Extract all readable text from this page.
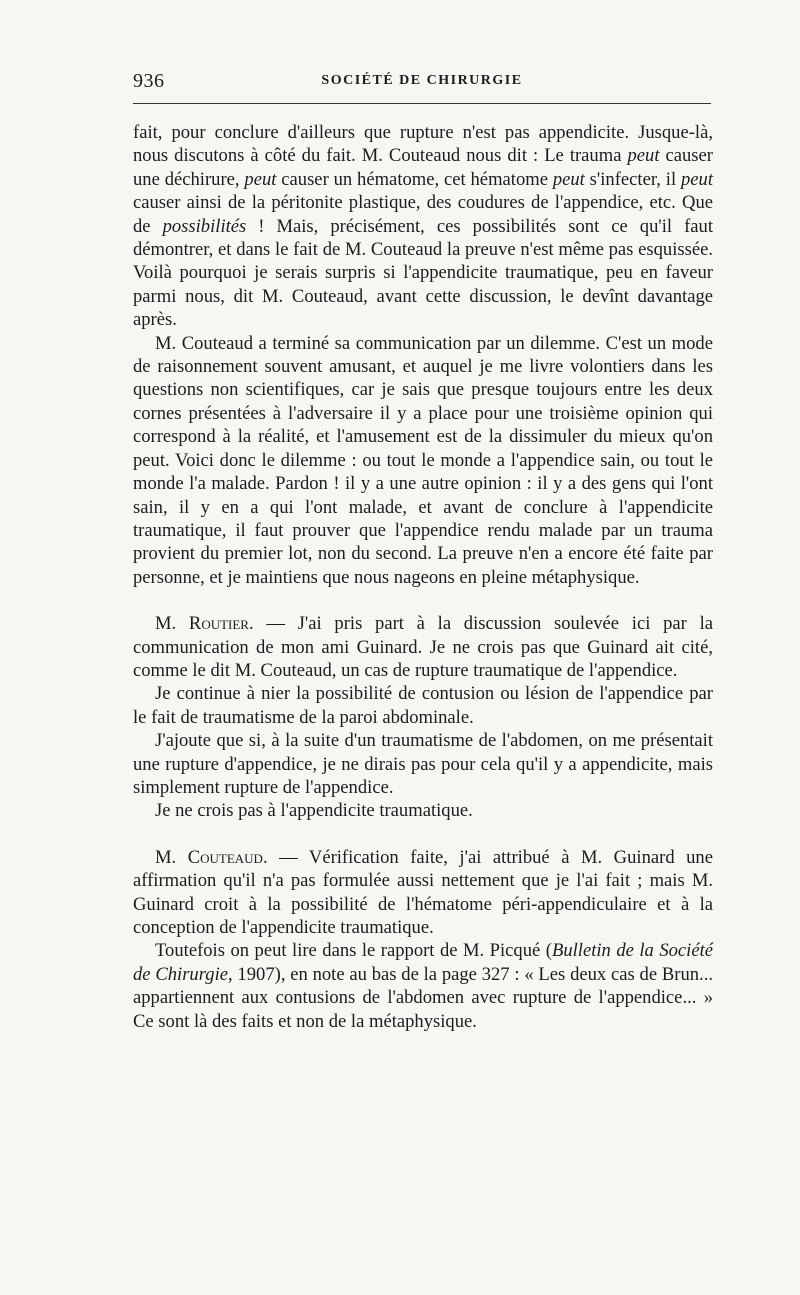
936	SOCIÉTÉ DE CHIRURGIE

fait, pour conclure d'ailleurs que rupture n'est pas appendicite. Jusque-là, nous discutons à côté du fait. M. Couteaud nous dit : Le trauma peut causer une déchirure, peut causer un hématome, cet hématome peut s'infecter, il peut causer ainsi de la péritonite plastique, des coudures de l'appendice, etc. Que de possibilités ! Mais, précisément, ces possibilités sont ce qu'il faut démontrer, et dans le fait de M. Couteaud la preuve n'est même pas esquissée. Voilà pourquoi je serais surpris si l'appendicite traumatique, peu en faveur parmi nous, dit M. Couteaud, avant cette discussion, le devînt davantage après.

M. Couteaud a terminé sa communication par un dilemme. C'est un mode de raisonnement souvent amusant, et auquel je me livre volontiers dans les questions non scientifiques, car je sais que presque toujours entre les deux cornes présentées à l'adversaire il y a place pour une troisième opinion qui correspond à la réalité, et l'amusement est de la dissimuler du mieux qu'on peut. Voici donc le dilemme : ou tout le monde a l'appendice sain, ou tout le monde l'a malade. Pardon ! il y a une autre opinion : il y a des gens qui l'ont sain, il y en a qui l'ont malade, et avant de conclure à l'appendicite traumatique, il faut prouver que l'appendice rendu malade par un trauma provient du premier lot, non du second. La preuve n'en a encore été faite par personne, et je maintiens que nous nageons en pleine métaphysique.

M. Routier. — J'ai pris part à la discussion soulevée ici par la communication de mon ami Guinard. Je ne crois pas que Guinard ait cité, comme le dit M. Couteaud, un cas de rupture traumatique de l'appendice.

Je continue à nier la possibilité de contusion ou lésion de l'appendice par le fait de traumatisme de la paroi abdominale.

J'ajoute que si, à la suite d'un traumatisme de l'abdomen, on me présentait une rupture d'appendice, je ne dirais pas pour cela qu'il y a appendicite, mais simplement rupture de l'appendice.

Je ne crois pas à l'appendicite traumatique.

M. Couteaud. — Vérification faite, j'ai attribué à M. Guinard une affirmation qu'il n'a pas formulée aussi nettement que je l'ai fait ; mais M. Guinard croit à la possibilité de l'hématome péri-appendiculaire et à la conception de l'appendicite traumatique.

Toutefois on peut lire dans le rapport de M. Picqué (Bulletin de la Société de Chirurgie, 1907), en note au bas de la page 327 : « Les deux cas de Brun... appartiennent aux contusions de l'abdomen avec rupture de l'appendice... » Ce sont là des faits et non de la métaphysique.
